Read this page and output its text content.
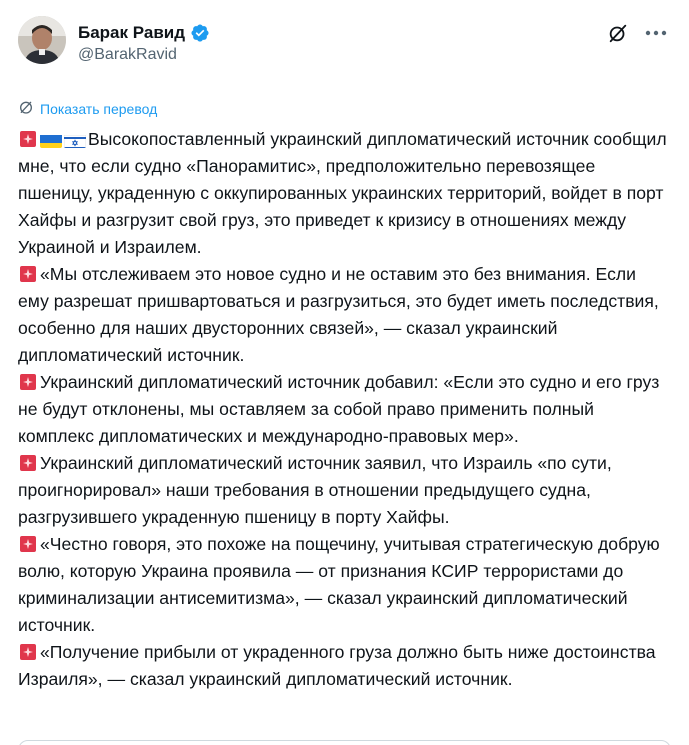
Барак Равид
@BarakRavid
Показать перевод

Высокопоставленный украинский дипломатический источник сообщил мне, что если судно «Панорамитис», предположительно перевозящее пшеницу, украденную с оккупированных украинских территорий, войдет в порт Хайфы и разгрузит свой груз, это приведет к кризису в отношениях между Украиной и Израилем.

«Мы отслеживаем это новое судно и не оставим это без внимания. Если ему разрешат пришвартоваться и разгрузиться, это будет иметь последствия, особенно для наших двусторонних связей», — сказал украинский дипломатический источник.

Украинский дипломатический источник добавил: «Если это судно и его груз не будут отклонены, мы оставляем за собой право применить полный комплекс дипломатических и международно-правовых мер».

Украинский дипломатический источник заявил, что Израиль «по сути, проигнорировал» наши требования в отношении предыдущего судна, разгрузившего украденную пшеницу в порту Хайфы.

«Честно говоря, это похоже на пощечину, учитывая стратегическую добрую волю, которую Украина проявила — от признания КСИР террористами до криминализации антисемитизма», — сказал украинский дипломатический источник.

«Получение прибыли от украденного груза должно быть ниже достоинства Израиля», — сказал украинский дипломатический источник.
